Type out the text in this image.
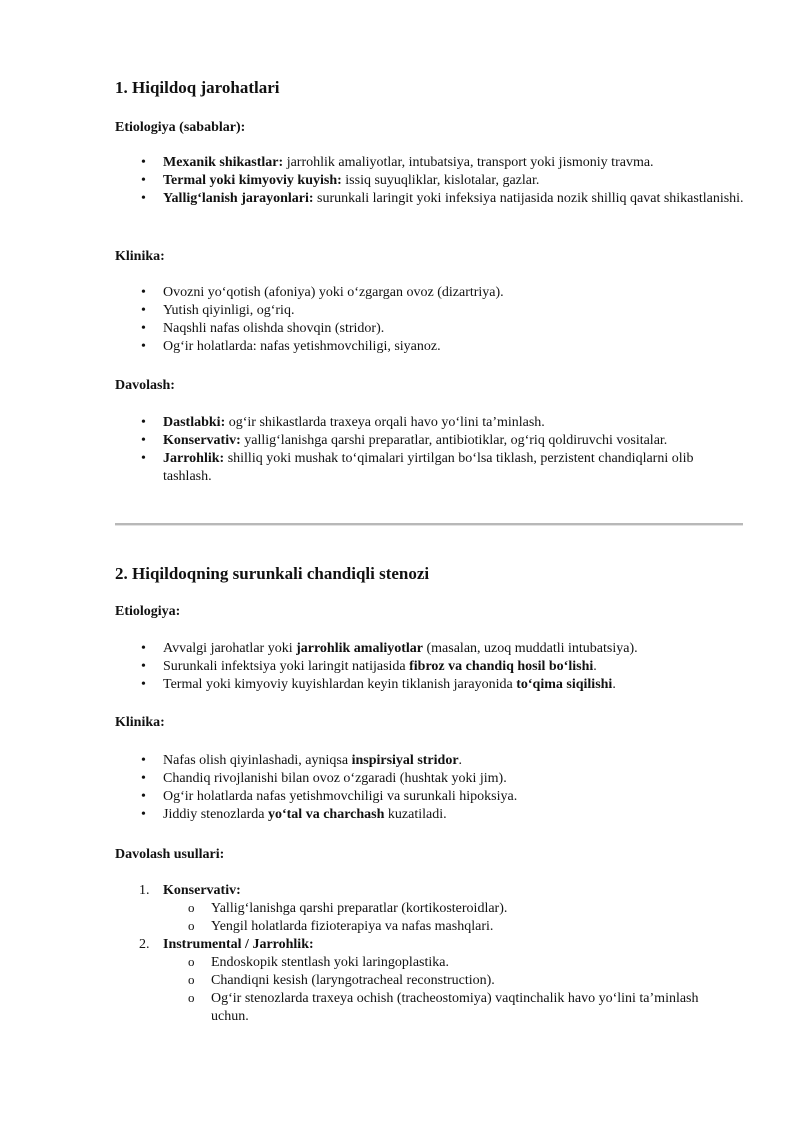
1. Hiqildoq jarohatlari

Etiologiya (sabablar):

• Mexanik shikastlar: jarrohlik amaliyotlar, intubatsiya, transport yoki jismoniy travma.
• Termal yoki kimyoviy kuyish: issiq suyuqliklar, kislotalar, gazlar.
• Yallig‘lanish jarayonlari: surunkali laringit yoki infeksiya natijasida nozik shilliq qavat shikastlanishi.

Klinika:

• Ovozni yo‘qotish (afoniya) yoki o‘zgargan ovoz (dizartriya).
• Yutish qiyinligi, og‘riq.
• Naqshli nafas olishda shovqin (stridor).
• Og‘ir holatlarda: nafas yetishmovchiligi, siyanoz.

Davolash:

• Dastlabki: og‘ir shikastlarda traxeya orqali havo yo‘lini ta’minlash.
• Konservativ: yallig‘lanishga qarshi preparatlar, antibiotiklar, og‘riq qoldiruvchi vositalar.
• Jarrohlik: shilliq yoki mushak to‘qimalari yirtilgan bo‘lsa tiklash, perzistent chandiqlarni olib tashlash.
2. Hiqildoqning surunkali chandiqli stenozi

Etiologiya:

• Avvalgi jarohatlar yoki jarrohlik amaliyotlar (masalan, uzoq muddatli intubatsiya).
• Surunkali infektsiya yoki laringit natijasida fibroz va chandiq hosil bo‘lishi.
• Termal yoki kimyoviy kuyishlardan keyin tiklanish jarayonida to‘qima siqilishi.

Klinika:

• Nafas olish qiyinlashadi, ayniqsa inspirsiyal stridor.
• Chandiq rivojlanishi bilan ovoz o‘zgaradi (hushtak yoki jim).
• Og‘ir holatlarda nafas yetishmovchiligi va surunkali hipoksiya.
• Jiddiy stenozlarda yo‘tal va charchash kuzatiladi.

Davolash usullari:

1. Konservativ:
o Yallig‘lanishga qarshi preparatlar (kortikosteroidlar).
o Yengil holatlarda fizioterapiya va nafas mashqlari.
2. Instrumental / Jarrohlik:
o Endoskopik stentlash yoki laringoplastika.
o Chandiqni kesish (laryngotracheal reconstruction).
o Og‘ir stenozlarda traxeya ochish (tracheostomiya) vaqtinchalik havo yo‘lini ta’minlash uchun.
